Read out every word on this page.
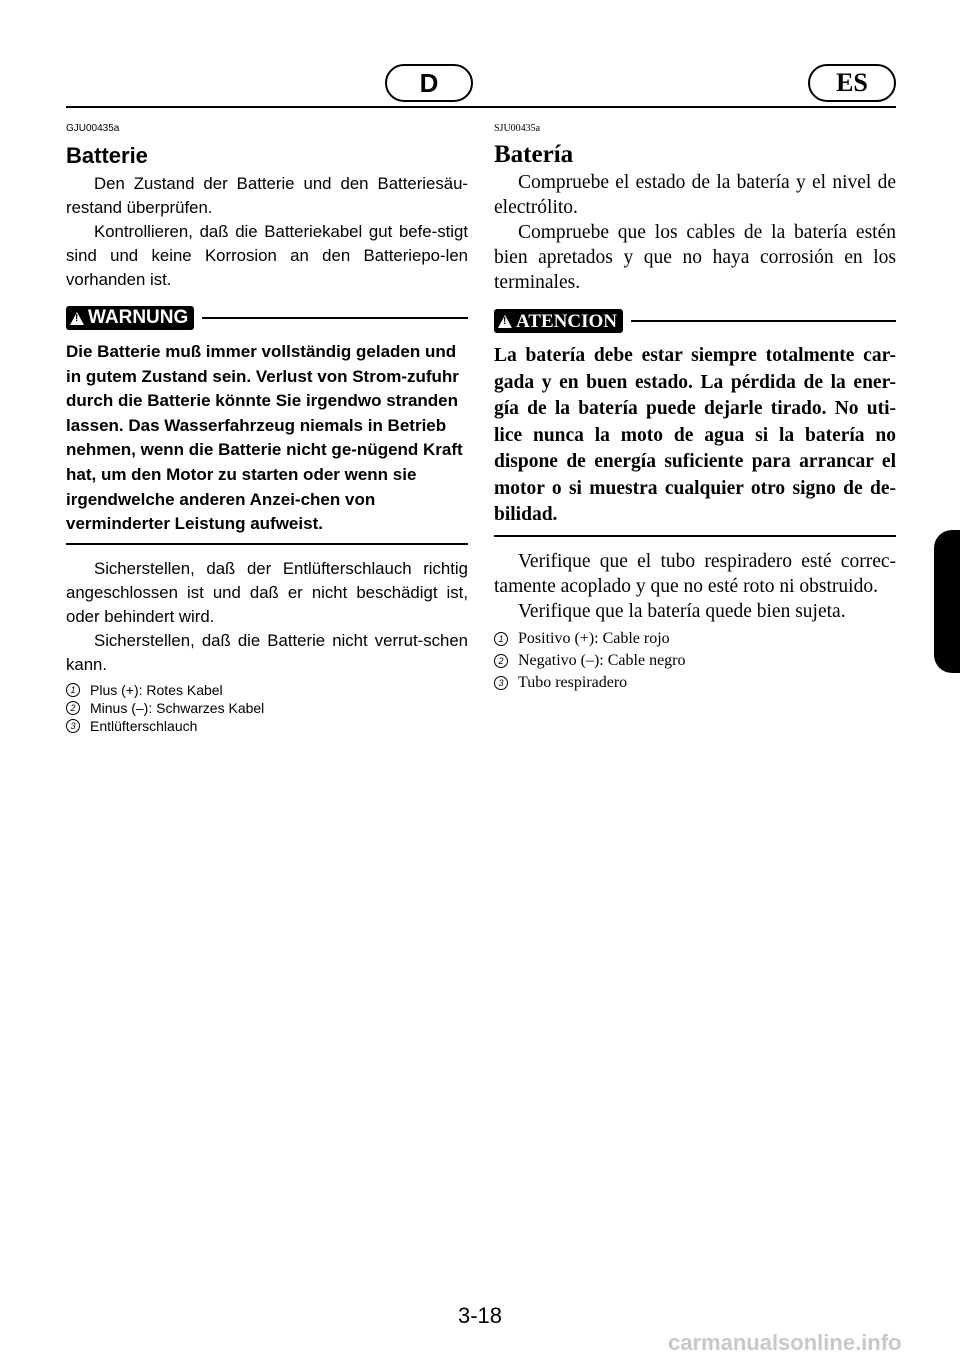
D	ES
GJU00435a
Batterie

Den Zustand der Batterie und den Batteriesäu-restand überprüfen.

Kontrollieren, daß die Batteriekabel gut befe-stigt sind und keine Korrosion an den Batteriepo-len vorhanden ist.

!
WARNUNG
Die Batterie muß immer vollständig geladen und in gutem Zustand sein. Verlust von Strom-zufuhr durch die Batterie könnte Sie irgendwo stranden lassen. Das Wasserfahrzeug niemals in Betrieb nehmen, wenn die Batterie nicht ge-nügend Kraft hat, um den Motor zu starten oder wenn sie irgendwelche anderen Anzei-chen von verminderter Leistung aufweist.

Sicherstellen, daß der Entlüfterschlauch richtig angeschlossen ist und daß er nicht beschädigt ist, oder behindert wird.

Sicherstellen, daß die Batterie nicht verrut-schen kann.

1	Plus (+): Rotes Kabel
2	Minus (–): Schwarzes Kabel
3	Entlüfterschlauch
SJU00435a
Batería

Compruebe el estado de la batería y el nivel de electrólito.

Compruebe que los cables de la batería estén bien apretados y que no haya corrosión en los terminales.

!
ATENCION
La batería debe estar siempre totalmente car-gada y en buen estado. La pérdida de la ener-gía de la batería puede dejarle tirado. No uti-lice nunca la moto de agua si la batería no dispone de energía suficiente para arrancar el motor o si muestra cualquier otro signo de de-bilidad.

Verifique que el tubo respiradero esté correc-tamente acoplado y que no esté roto ni obstruido.

Verifique que la batería quede bien sujeta.

1 Positivo (+): Cable rojo
2 Negativo (–): Cable negro
3 Tubo respiradero
3-18
carmanualsonline.info
